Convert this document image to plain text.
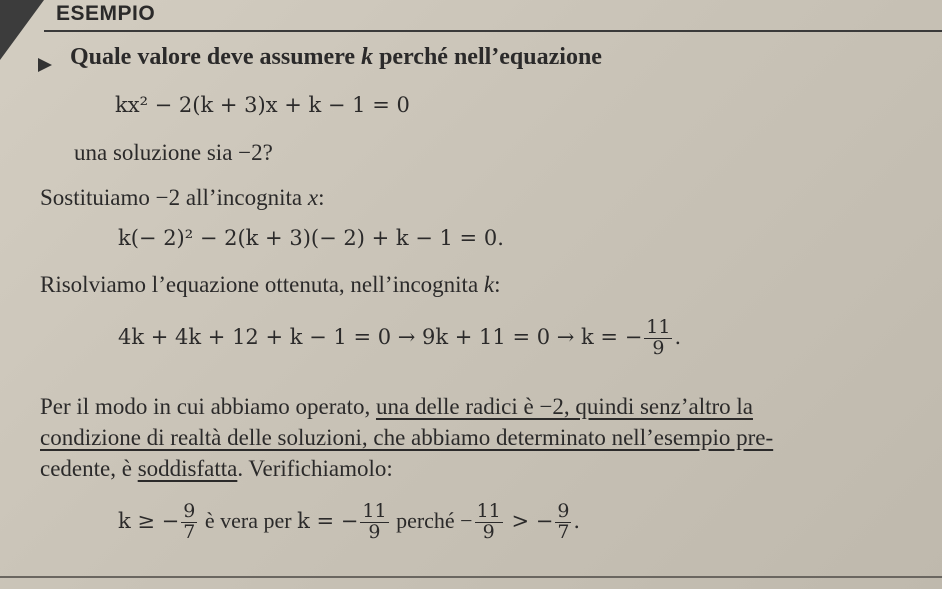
ESEMPIO
Quale valore deve assumere k perché nell’equazione
kx² − 2(k + 3)x + k − 1 = 0
una soluzione sia −2?
Sostituiamo −2 all’incognita x:
k(− 2)² − 2(k + 3)(− 2) + k − 1 = 0.
Risolviamo l’equazione ottenuta, nell’incognita k:
4k + 4k + 12 + k − 1 = 0 → 9k + 11 = 0 → k = − $\frac{11}{9}$ .
Per il modo in cui abbiamo operato, una delle radici è −2, quindi senz’altro la
condizione di realtà delle soluzioni, che abbiamo determinato nell’esempio pre-
cedente, è soddisfatta. Verifichiamolo:
k ≥ − $\frac{9}{7}$ è vera per k = − $\frac{11}{9}$ perché − $\frac{11}{9}$ > − $\frac{9}{7}$ .
